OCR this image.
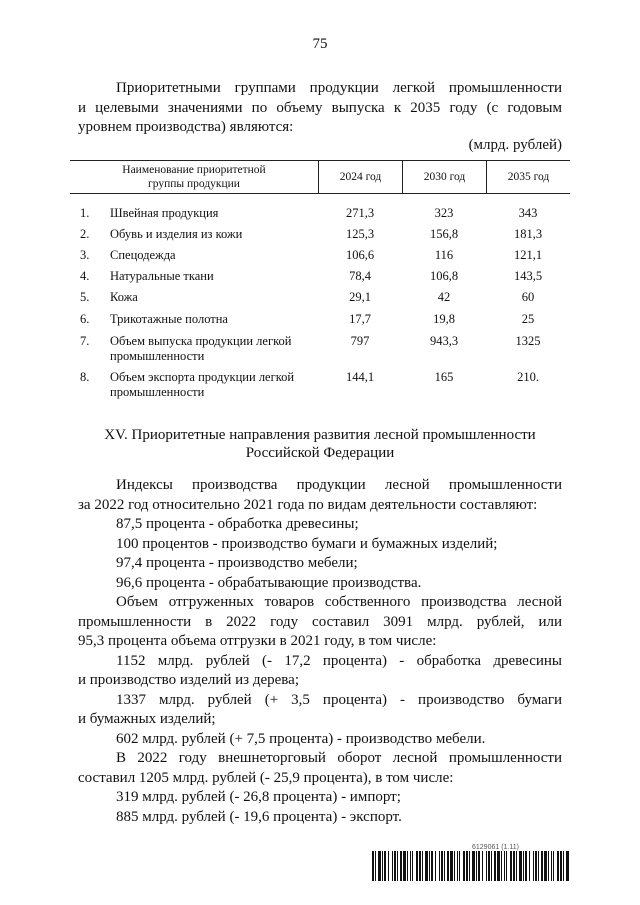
75
Приоритетными группами продукции легкой промышленности
и целевыми значениями по объему выпуска к 2035 году (с годовым
уровнем производства) являются:
(млрд. рублей)
Наименование приоритетной
группы продукции
2024 год	2030 год	2035 год
1. Швейная продукция	271,3	323	343
2. Обувь и изделия из кожи	125,3	156,8	181,3
3. Спецодежда	106,6	116	121,1
4. Натуральные ткани	78,4	106,8	143,5
5. Кожа	29,1	42	60
6. Трикотажные полотна	17,7	19,8	25
7. Объем выпуска продукции легкой
промышленности
797	943,3	1325
8. Объем экспорта продукции легкой
промышленности
144,1	165	210.
XV. Приоритетные направления развития лесной промышленности
Российской Федерации
Индексы производства продукции лесной промышленности
за 2022 год относительно 2021 года по видам деятельности составляют:
87,5 процента - обработка древесины;
100 процентов - производство бумаги и бумажных изделий;
97,4 процента - производство мебели;
96,6 процента - обрабатывающие производства.
Объем отгруженных товаров собственного производства лесной
промышленности в 2022 году составил 3091 млрд. рублей, или
95,3 процента объема отгрузки в 2021 году, в том числе:
1152 млрд. рублей (- 17,2 процента) - обработка древесины
и производство изделий из дерева;
1337 млрд. рублей (+ 3,5 процента) - производство бумаги
и бумажных изделий;
602 млрд. рублей (+ 7,5 процента) - производство мебели.
В 2022 году внешнеторговый оборот лесной промышленности
составил 1205 млрд. рублей (- 25,9 процента), в том числе:
319 млрд. рублей (- 26,8 процента) - импорт;
885 млрд. рублей (- 19,6 процента) - экспорт.
6129061 (1.11)
